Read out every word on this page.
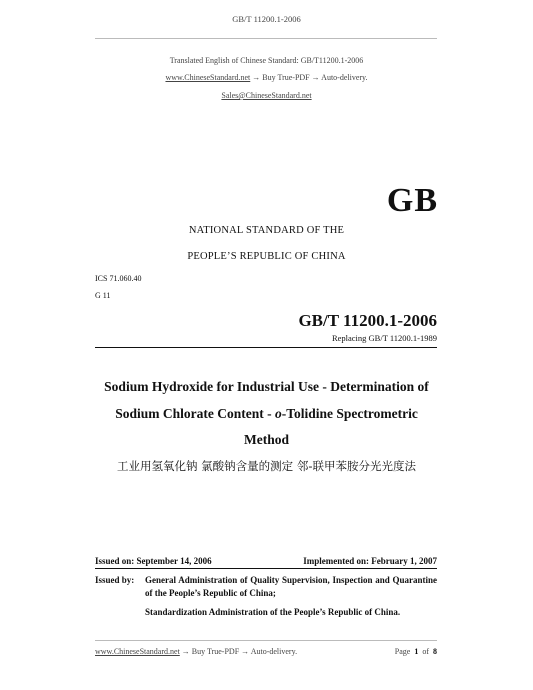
GB/T 11200.1-2006
Translated English of Chinese Standard: GB/T11200.1-2006
www.ChineseStandard.net → Buy True-PDF → Auto-delivery.
Sales@ChineseStandard.net
GB
NATIONAL STANDARD OF THE
PEOPLE’S REPUBLIC OF CHINA
ICS 71.060.40
G 11
GB/T 11200.1-2006
Replacing GB/T 11200.1-1989
Sodium Hydroxide for Industrial Use - Determination of
Sodium Chlorate Content - o-Tolidine Spectrometric
Method
工业用氢氧化钠 氯酸钠含量的测定 邻-联甲苯胺分光光度法
Issued on: September 14, 2006	Implemented on: February 1, 2007
Issued by: General Administration of Quality Supervision, Inspection and Quarantine of the People’s Republic of China;
Standardization Administration of the People’s Republic of China.
www.ChineseStandard.net → Buy True-PDF → Auto-delivery.	Page 1 of 8
